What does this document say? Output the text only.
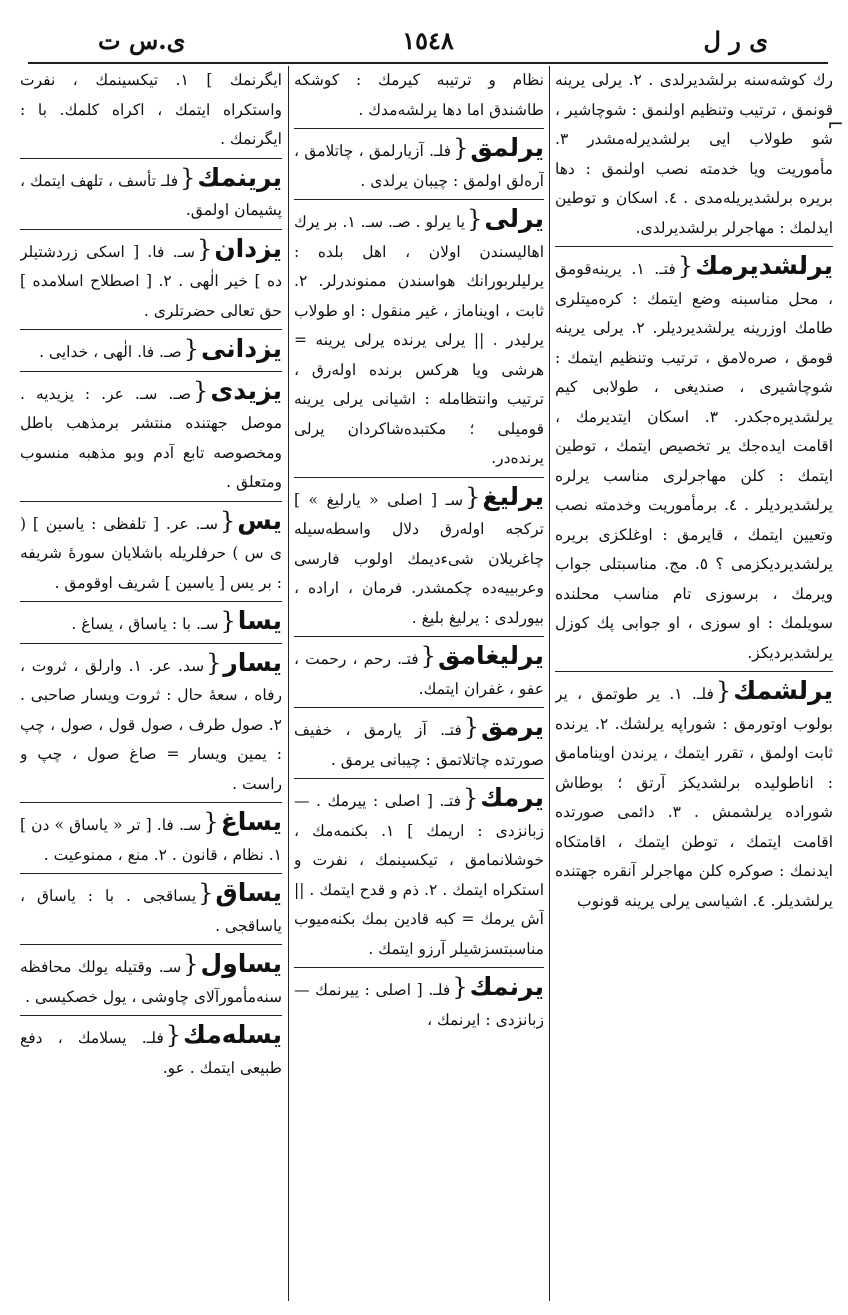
ی ر ل
١٥٤٨
ی.س ت

رك كوشەسنە برلشدیرلدی . ٢. یرلی یرینە قونمق ، ترتیب وتنظیم اولنمق : شوچاشیر ، شو طولاب ایی برلشدیرلەمشدر ٣. مأموریت ویا خدمتە نصب اولنمق : دها بریرە برلشدیریلەمدی . ٤. اسكان و توطین ایدلمك : مهاجرلر برلشدیرلدی.

یرلشدیرمك{فتـ. ١. یرینەقومق ، محل مناسبنە وضع ایتمك : كرەمیتلری طامك اوزرینە یرلشدیردیلر. ٢. یرلی یرینە قومق ، صرەلامق ، ترتیب وتنظیم ایتمك : شوچاشیری ، صندیغی ، طولابی كیم یرلشدیرەجكدر. ٣. اسكان ایتدیرمك ، اقامت ایدەجك یر تخصیص ایتمك ، توطین ایتمك : كلن مهاجرلری مناسب یرلرە یرلشدیردیلر . ٤. برمأموریت وخدمتە نصب وتعیین ایتمك ، قایرمق : اوغلكزی بریرە یرلشدیردیكزمی ؟ ٥. مج. مناسبتلی جواب ویرمك ، برسوزی تام مناسب محلندە سویلمك : او سوزی ، او جوابی پك كوزل یرلشدیردیكز.

یرلشمك{فلـ. ١. یر طوتمق ، یر بولوب اوتورمق : شوراپە یرلشك. ٢. یرندە ثابت اولمق ، تقرر ایتمك ، یرندن اوینامامق : اناطولیدە برلشدیكز آرتق ؛ بوطاش شوراده یرلشمش . ٣. دائمی صورتدە اقامت ایتمك ، توطن ایتمك ، اقامتكاه ایدنمك : صوكرە كلن مهاجرلر آنقرە جهتندە یرلشدیلر. ٤. اشیاسی یرلی یرینە قونوب

نظام و ترتیبە كیرمك : كوشكە طاشندق اما دها یرلشەمدك .

یرلمق{فلـ. آزیارلمق ، چاتلامق ، آرەلق اولمق : چیبان یرلدی .

یرلی{یا یرلو . صـ. سـ. ١. بر یرك اهالیسندن اولان ، اهل بلدە : یرلیلربورانك هواسندن ممنوندرلر. ٢. ثابت ، اویناماز ، غیر منقول : او طولاب یرلیدر . || یرلی یرندە یرلی یرینە = هرشی ویا هركس برندە اولەرق ، ترتیب وانتظامله : اشیانی یرلی یرینە قومیلی ؛ مكتبدەشاكردان یرلی یرندەدر.

یرلیغ{سـ [ اصلی « یارلیغ » ] تركجە اولەرق دلال واسطەسیلە چاغریلان شیءدیمك اولوب فارسی وعربییەدە چكمشدر. فرمان ، ارادە ، بیورلدی : یرلیغ بلیغ .

یرلیغامق{فتـ. رحم ، رحمت ، عفو ، غفران ایتمك.

یرمق{فتـ. آز یارمق ، خفیف صورتدە چاتلاتمق : چیبانی یرمق .

یرمك{فتـ. [ اصلی : ییرمك . — زبانزدی : اریمك ] ١. بكنمەمك ، خوشلانمامق ، تیكسینمك ، نفرت و استكراه ایتمك . ٢. ذم و قدح ایتمك . || آش یرمك = كبە قادین بمك بكنەمیوب مناسبتسزشیلر آرزو ایتمك .

یرنمك{فلـ. [ اصلی : ییرنمك — زبانزدی : ایرنمك ،

ایگرنمك ] ١. تیكسینمك ، نفرت واستكراه ایتمك ، اكراه كلمك. با : ایگرنمك .

یرینمك{فلـ تأسف ، تلهف ایتمك ، پشیمان اولمق.

یزدان{سـ. فا. [ اسكی زردشتیلر دە ] خیر الٰهی . ٢. [ اصطلاح اسلامدە ] حق تعالی حضرتلری .

یزدانی{صـ. فا. الٰهی ، خدایی .

یزیدی{صـ. سـ. عر. : یزیدیە . موصل جهتندە منتشر برمذهب باطل ومخصوصە تابع آدم وبو مذهبە منسوب ومتعلق .

یس{سـ. عر. [ تلفظی : یاسین ] ( ی س ) حرفلریلە باشلایان سورۀ شریفە : بر یس [ یاسین ] شریف اوقومق .

یسا{سـ. با : یاساق ، یساغ .

یسار{سد. عر. ١. وارلق ، ثروت ، رفاه ، سعۀ حال : ثروت ویسار صاحبی . ٢. صول طرف ، صول قول ، صول ، چپ : یمین ویسار = صاغ صول ، چپ و راست .

یساغ{سـ. فا. [ تر « یاساق » دن ] ١. نظام ، قانون . ٢. منع ، ممنوعیت .

یساق{یساقجی . با : یاساق ، یاساقجی .

یساول{سـ. وقتیلە یولك محافظە سنەمأمورآلای چاوشی ، یول خصكیسی .

یسلەمك{فلـ. یسلامك ، دفع طبیعی ایتمك . عو.

⌐
